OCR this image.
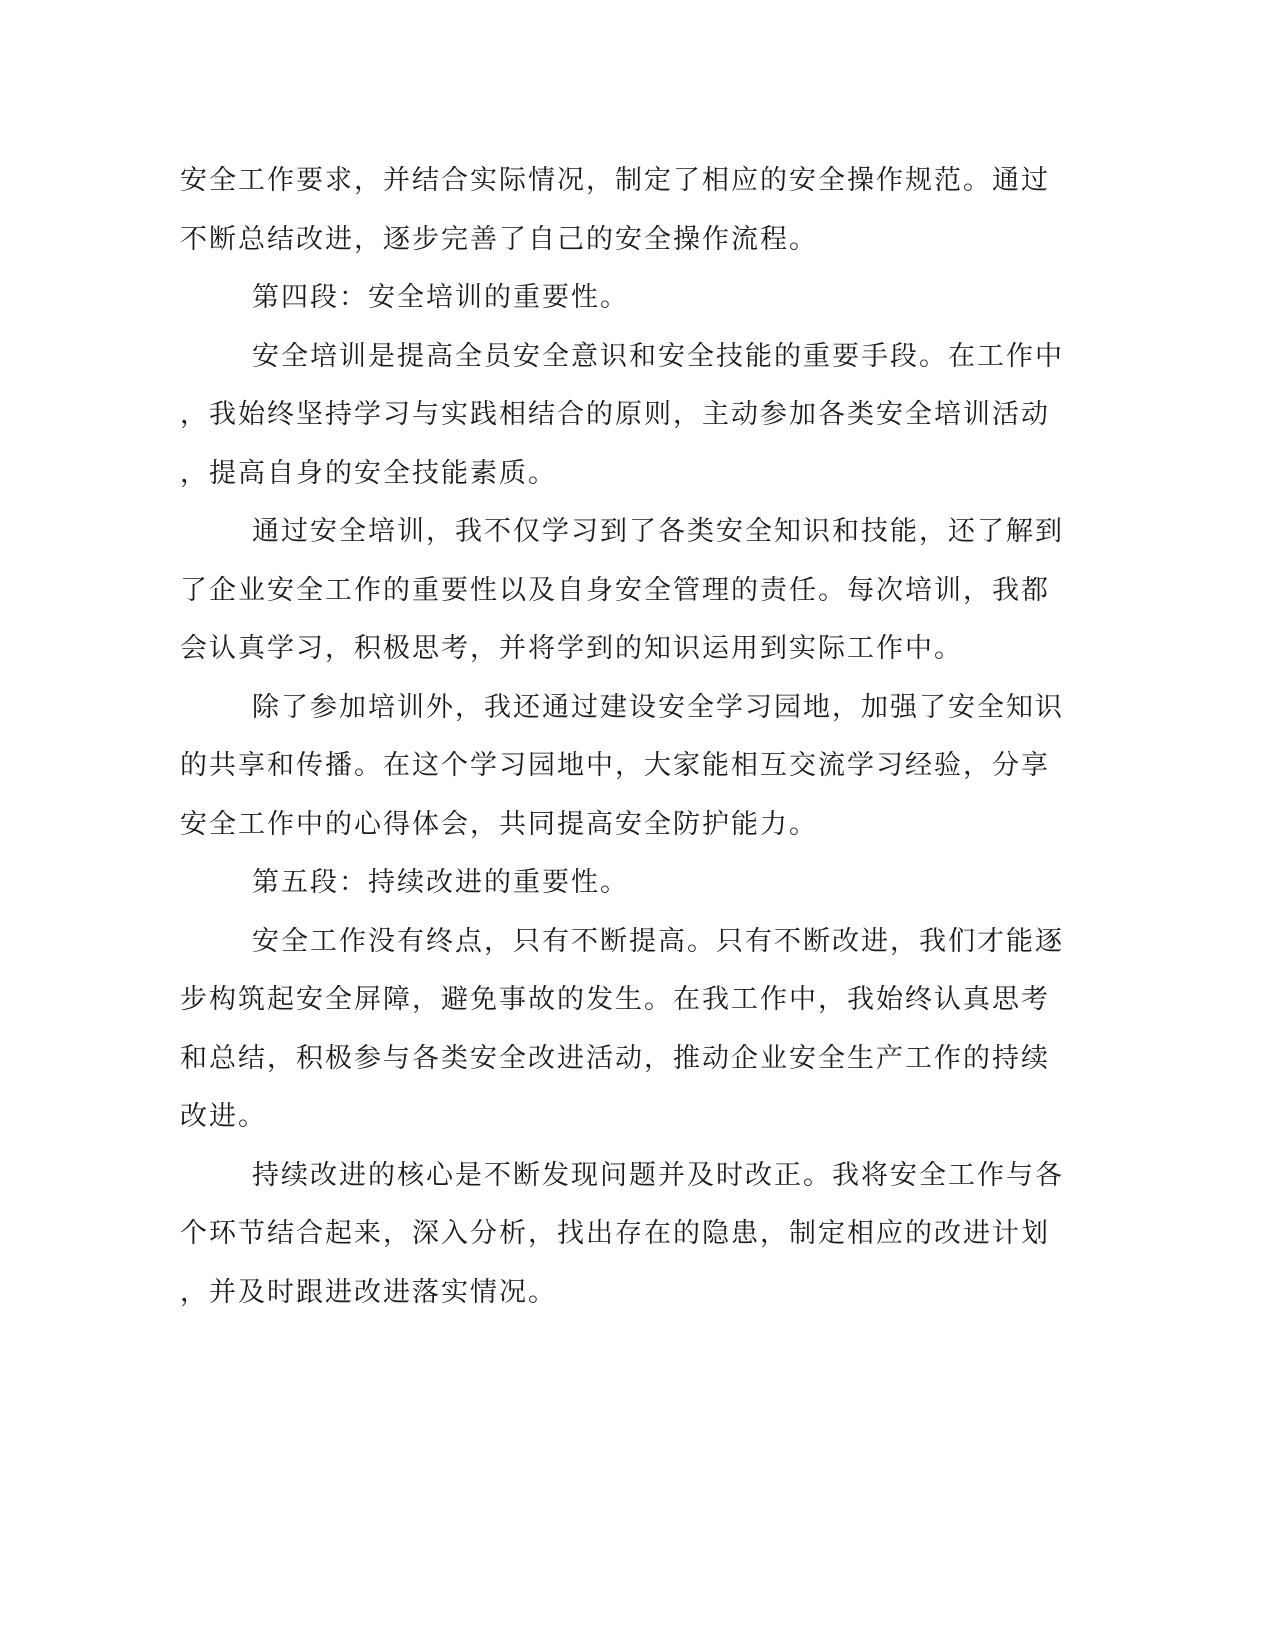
安全工作要求，并结合实际情况，制定了相应的安全操作规范。通过
不断总结改进，逐步完善了自己的安全操作流程。
第四段：安全培训的重要性。
安全培训是提高全员安全意识和安全技能的重要手段。在工作中
，我始终坚持学习与实践相结合的原则，主动参加各类安全培训活动
，提高自身的安全技能素质。
通过安全培训，我不仅学习到了各类安全知识和技能，还了解到
了企业安全工作的重要性以及自身安全管理的责任。每次培训，我都
会认真学习，积极思考，并将学到的知识运用到实际工作中。
除了参加培训外，我还通过建设安全学习园地，加强了安全知识
的共享和传播。在这个学习园地中，大家能相互交流学习经验，分享
安全工作中的心得体会，共同提高安全防护能力。
第五段：持续改进的重要性。
安全工作没有终点，只有不断提高。只有不断改进，我们才能逐
步构筑起安全屏障，避免事故的发生。在我工作中，我始终认真思考
和总结，积极参与各类安全改进活动，推动企业安全生产工作的持续
改进。
持续改进的核心是不断发现问题并及时改正。我将安全工作与各
个环节结合起来，深入分析，找出存在的隐患，制定相应的改进计划
，并及时跟进改进落实情况。
